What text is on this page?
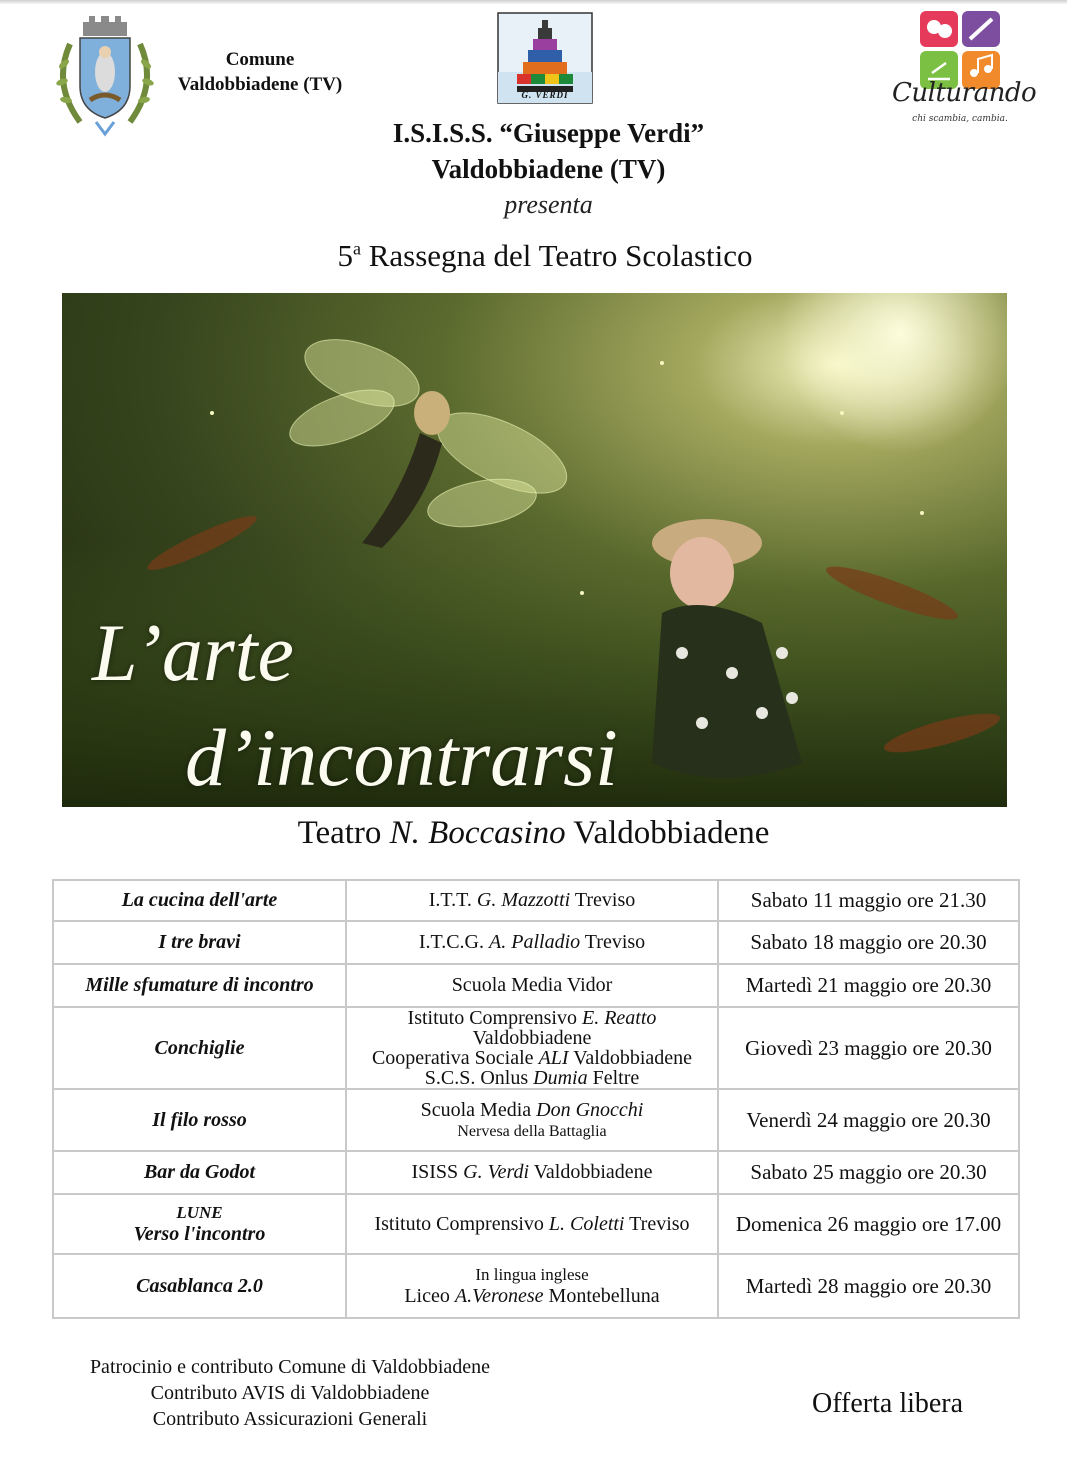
Comune
Valdobbiadene (TV)	G. VERDI	Culturando
chi scambia, cambia.
I.S.I.S.S. “Giuseppe Verdi”
Valdobbiadene (TV)
presenta
5$^a$ Rassegna del Teatro Scolastico
L’arte
d’incontrarsi
Teatro N. Boccasino Valdobbiadene
La cucina dell'arte	I.T.T. G. Mazzotti Treviso	Sabato 11 maggio ore 21.30
I tre bravi	I.T.C.G. A. Palladio Treviso	Sabato 18 maggio ore 20.30
Mille sfumature di incontro	Scuola Media Vidor	Martedì 21 maggio ore 20.30
Conchiglie	Istituto Comprensivo E. Reatto Valdobbiadene
Cooperativa Sociale ALI Valdobbiadene
S.C.S. Onlus Dumia Feltre	Giovedì 23 maggio ore 20.30
Il filo rosso	Scuola Media Don Gnocchi
Nervesa della Battaglia	Venerdì 24 maggio ore 20.30
Bar da Godot	ISISS G. Verdi Valdobbiadene	Sabato 25 maggio ore 20.30

LUNE
Verso l'incontro	Istituto Comprensivo L. Coletti Treviso	Domenica 26 maggio ore 17.00
Casablanca 2.0	In lingua inglese
Liceo A.Veronese Montebelluna	Martedì 28 maggio ore 20.30
Patrocinio e contributo Comune di Valdobbiadene
Contributo AVIS di Valdobbiadene
Contributo Assicurazioni Generali	Offerta libera
